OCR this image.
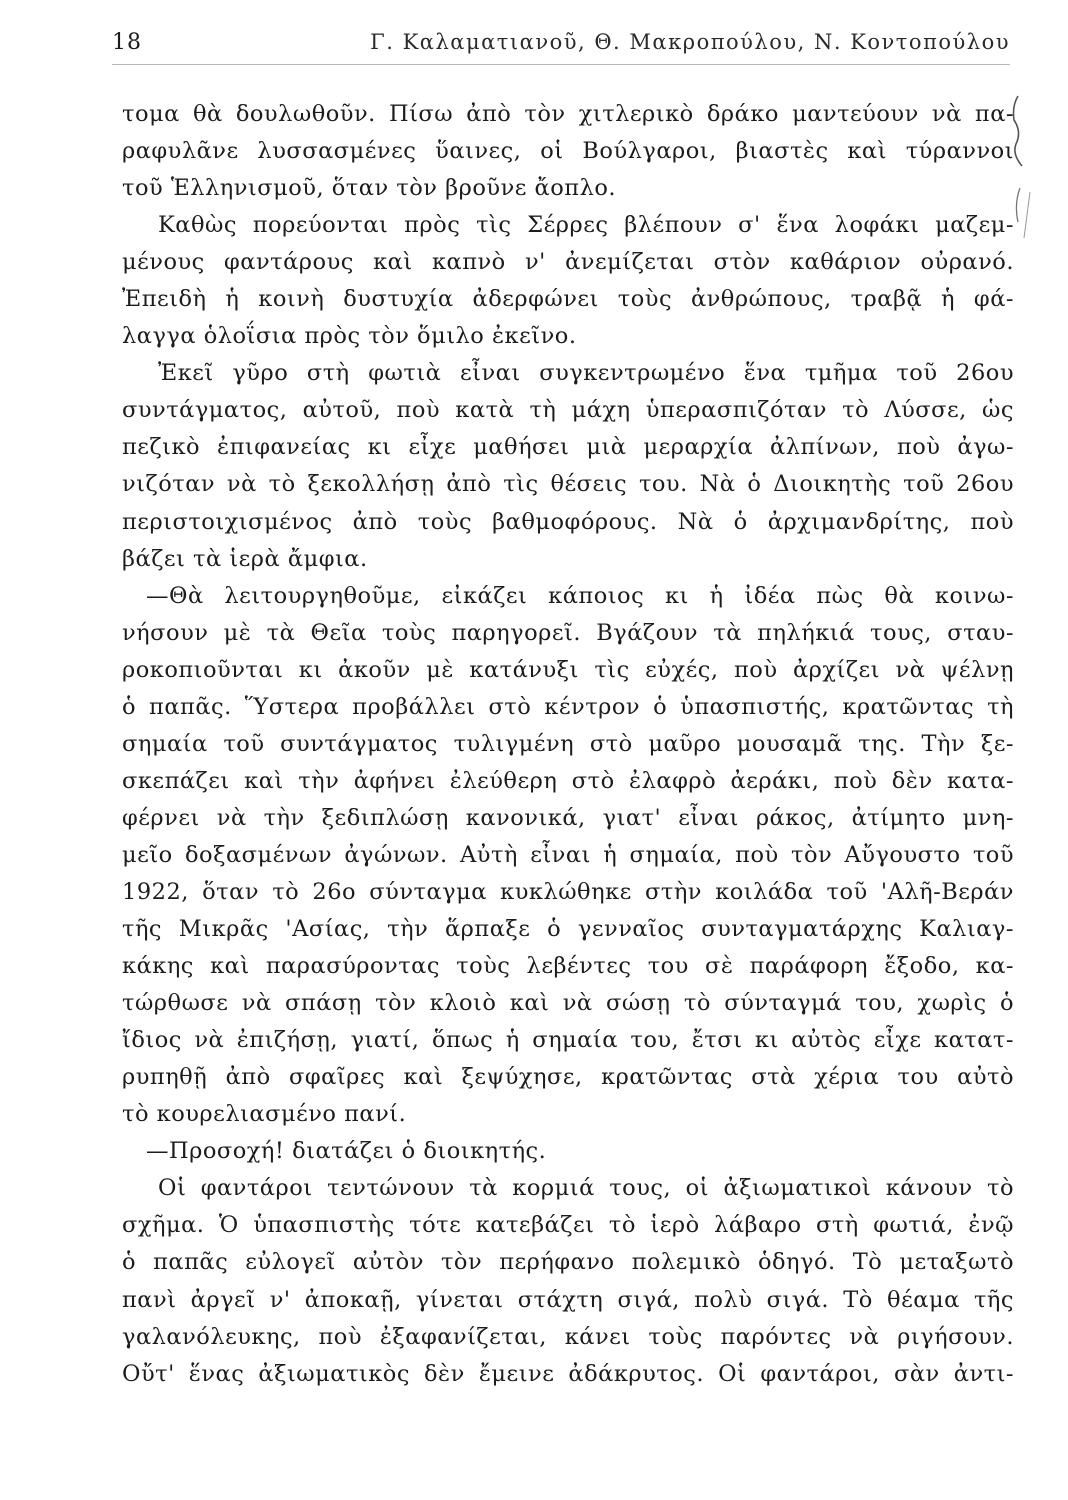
18	Γ. Καλαματιανοῦ, Θ. Μακροπούλου, Ν. Κοντοπούλου
τομα θὰ δουλωθοῦν. Πίσω ἀπὸ τὸν χιτλερικὸ δράκο μαντεύουν νὰ πα-
ραφυλᾶνε λυσσασμένες ὕαινες, οἱ Βούλγαροι, βιαστὲς καὶ τύραννοι
τοῦ Ἑλληνισμοῦ, ὅταν τὸν βροῦνε ἄοπλο.
Καθὼς πορεύονται πρὸς τὶς Σέρρες βλέπουν σ' ἕνα λοφάκι μαζεμ-
μένους φαντάρους καὶ καπνὸ ν' ἀνεμίζεται στὸν καθάριον οὐρανό.
Ἐπειδὴ ἡ κοινὴ δυστυχία ἀδερφώνει τοὺς ἀνθρώπους, τραβᾷ ἡ φά-
λαγγα ὁλοΐσια πρὸς τὸν ὅμιλο ἐκεῖνο.
Ἐκεῖ γῦρο στὴ φωτιὰ εἶναι συγκεντρωμένο ἕνα τμῆμα τοῦ 26ου
συντάγματος, αὐτοῦ, ποὺ κατὰ τὴ μάχη ὑπερασπιζόταν τὸ Λύσσε, ὡς
πεζικὸ ἐπιφανείας κι εἶχε μαθήσει μιὰ μεραρχία ἀλπίνων, ποὺ ἀγω-
νιζόταν νὰ τὸ ξεκολλήσῃ ἀπὸ τὶς θέσεις του. Νὰ ὁ Διοικητὴς τοῦ 26ου
περιστοιχισμένος ἀπὸ τοὺς βαθμοφόρους. Νὰ ὁ ἀρχιμανδρίτης, ποὺ
βάζει τὰ ἱερὰ ἄμφια.
—Θὰ λειτουργηθοῦμε, εἰκάζει κάποιος κι ἡ ἰδέα πὼς θὰ κοινω-
νήσουν μὲ τὰ Θεῖα τοὺς παρηγορεῖ. Βγάζουν τὰ πηλήκιά τους, σταυ-
ροκοπιοῦνται κι ἀκοῦν μὲ κατάνυξι τὶς εὐχές, ποὺ ἀρχίζει νὰ ψέλνῃ
ὁ παπᾶς. Ὕστερα προβάλλει στὸ κέντρον ὁ ὑπασπιστής, κρατῶντας τὴ
σημαία τοῦ συντάγματος τυλιγμένη στὸ μαῦρο μουσαμᾶ της. Τὴν ξε-
σκεπάζει καὶ τὴν ἀφήνει ἐλεύθερη στὸ ἐλαφρὸ ἀεράκι, ποὺ δὲν κατα-
φέρνει νὰ τὴν ξεδιπλώσῃ κανονικά, γιατ' εἶναι ράκος, ἀτίμητο μνη-
μεῖο δοξασμένων ἀγώνων. Αὐτὴ εἶναι ἡ σημαία, ποὺ τὸν Αὔγουστο τοῦ
1922, ὅταν τὸ 26ο σύνταγμα κυκλώθηκε στὴν κοιλάδα τοῦ 'Αλῆ-Βεράν
τῆς Μικρᾶς 'Ασίας, τὴν ἅρπαξε ὁ γενναῖος συνταγματάρχης Καλιαγ-
κάκης καὶ παρασύροντας τοὺς λεβέντες του σὲ παράφορη ἔξοδο, κα-
τώρθωσε νὰ σπάσῃ τὸν κλοιὸ καὶ νὰ σώσῃ τὸ σύνταγμά του, χωρὶς ὁ
ἴδιος νὰ ἐπιζήσῃ, γιατί, ὅπως ἡ σημαία του, ἔτσι κι αὐτὸς εἶχε κατατ-
ρυπηθῇ ἀπὸ σφαῖρες καὶ ξεψύχησε, κρατῶντας στὰ χέρια του αὐτὸ
τὸ κουρελιασμένο πανί.
—Προσοχή! διατάζει ὁ διοικητής.
Οἱ φαντάροι τεντώνουν τὰ κορμιά τους, οἱ ἀξιωματικοὶ κάνουν τὸ
σχῆμα. Ὁ ὑπασπιστὴς τότε κατεβάζει τὸ ἱερὸ λάβαρο στὴ φωτιά, ἐνῷ
ὁ παπᾶς εὐλογεῖ αὐτὸν τὸν περήφανο πολεμικὸ ὁδηγό. Τὸ μεταξωτὸ
πανὶ ἀργεῖ ν' ἀποκαῇ, γίνεται στάχτη σιγά, πολὺ σιγά. Τὸ θέαμα τῆς
γαλανόλευκης, ποὺ ἐξαφανίζεται, κάνει τοὺς παρόντες νὰ ριγήσουν.
Οὔτ' ἕνας ἀξιωματικὸς δὲν ἔμεινε ἀδάκρυτος. Οἱ φαντάροι, σὰν ἀντι-
